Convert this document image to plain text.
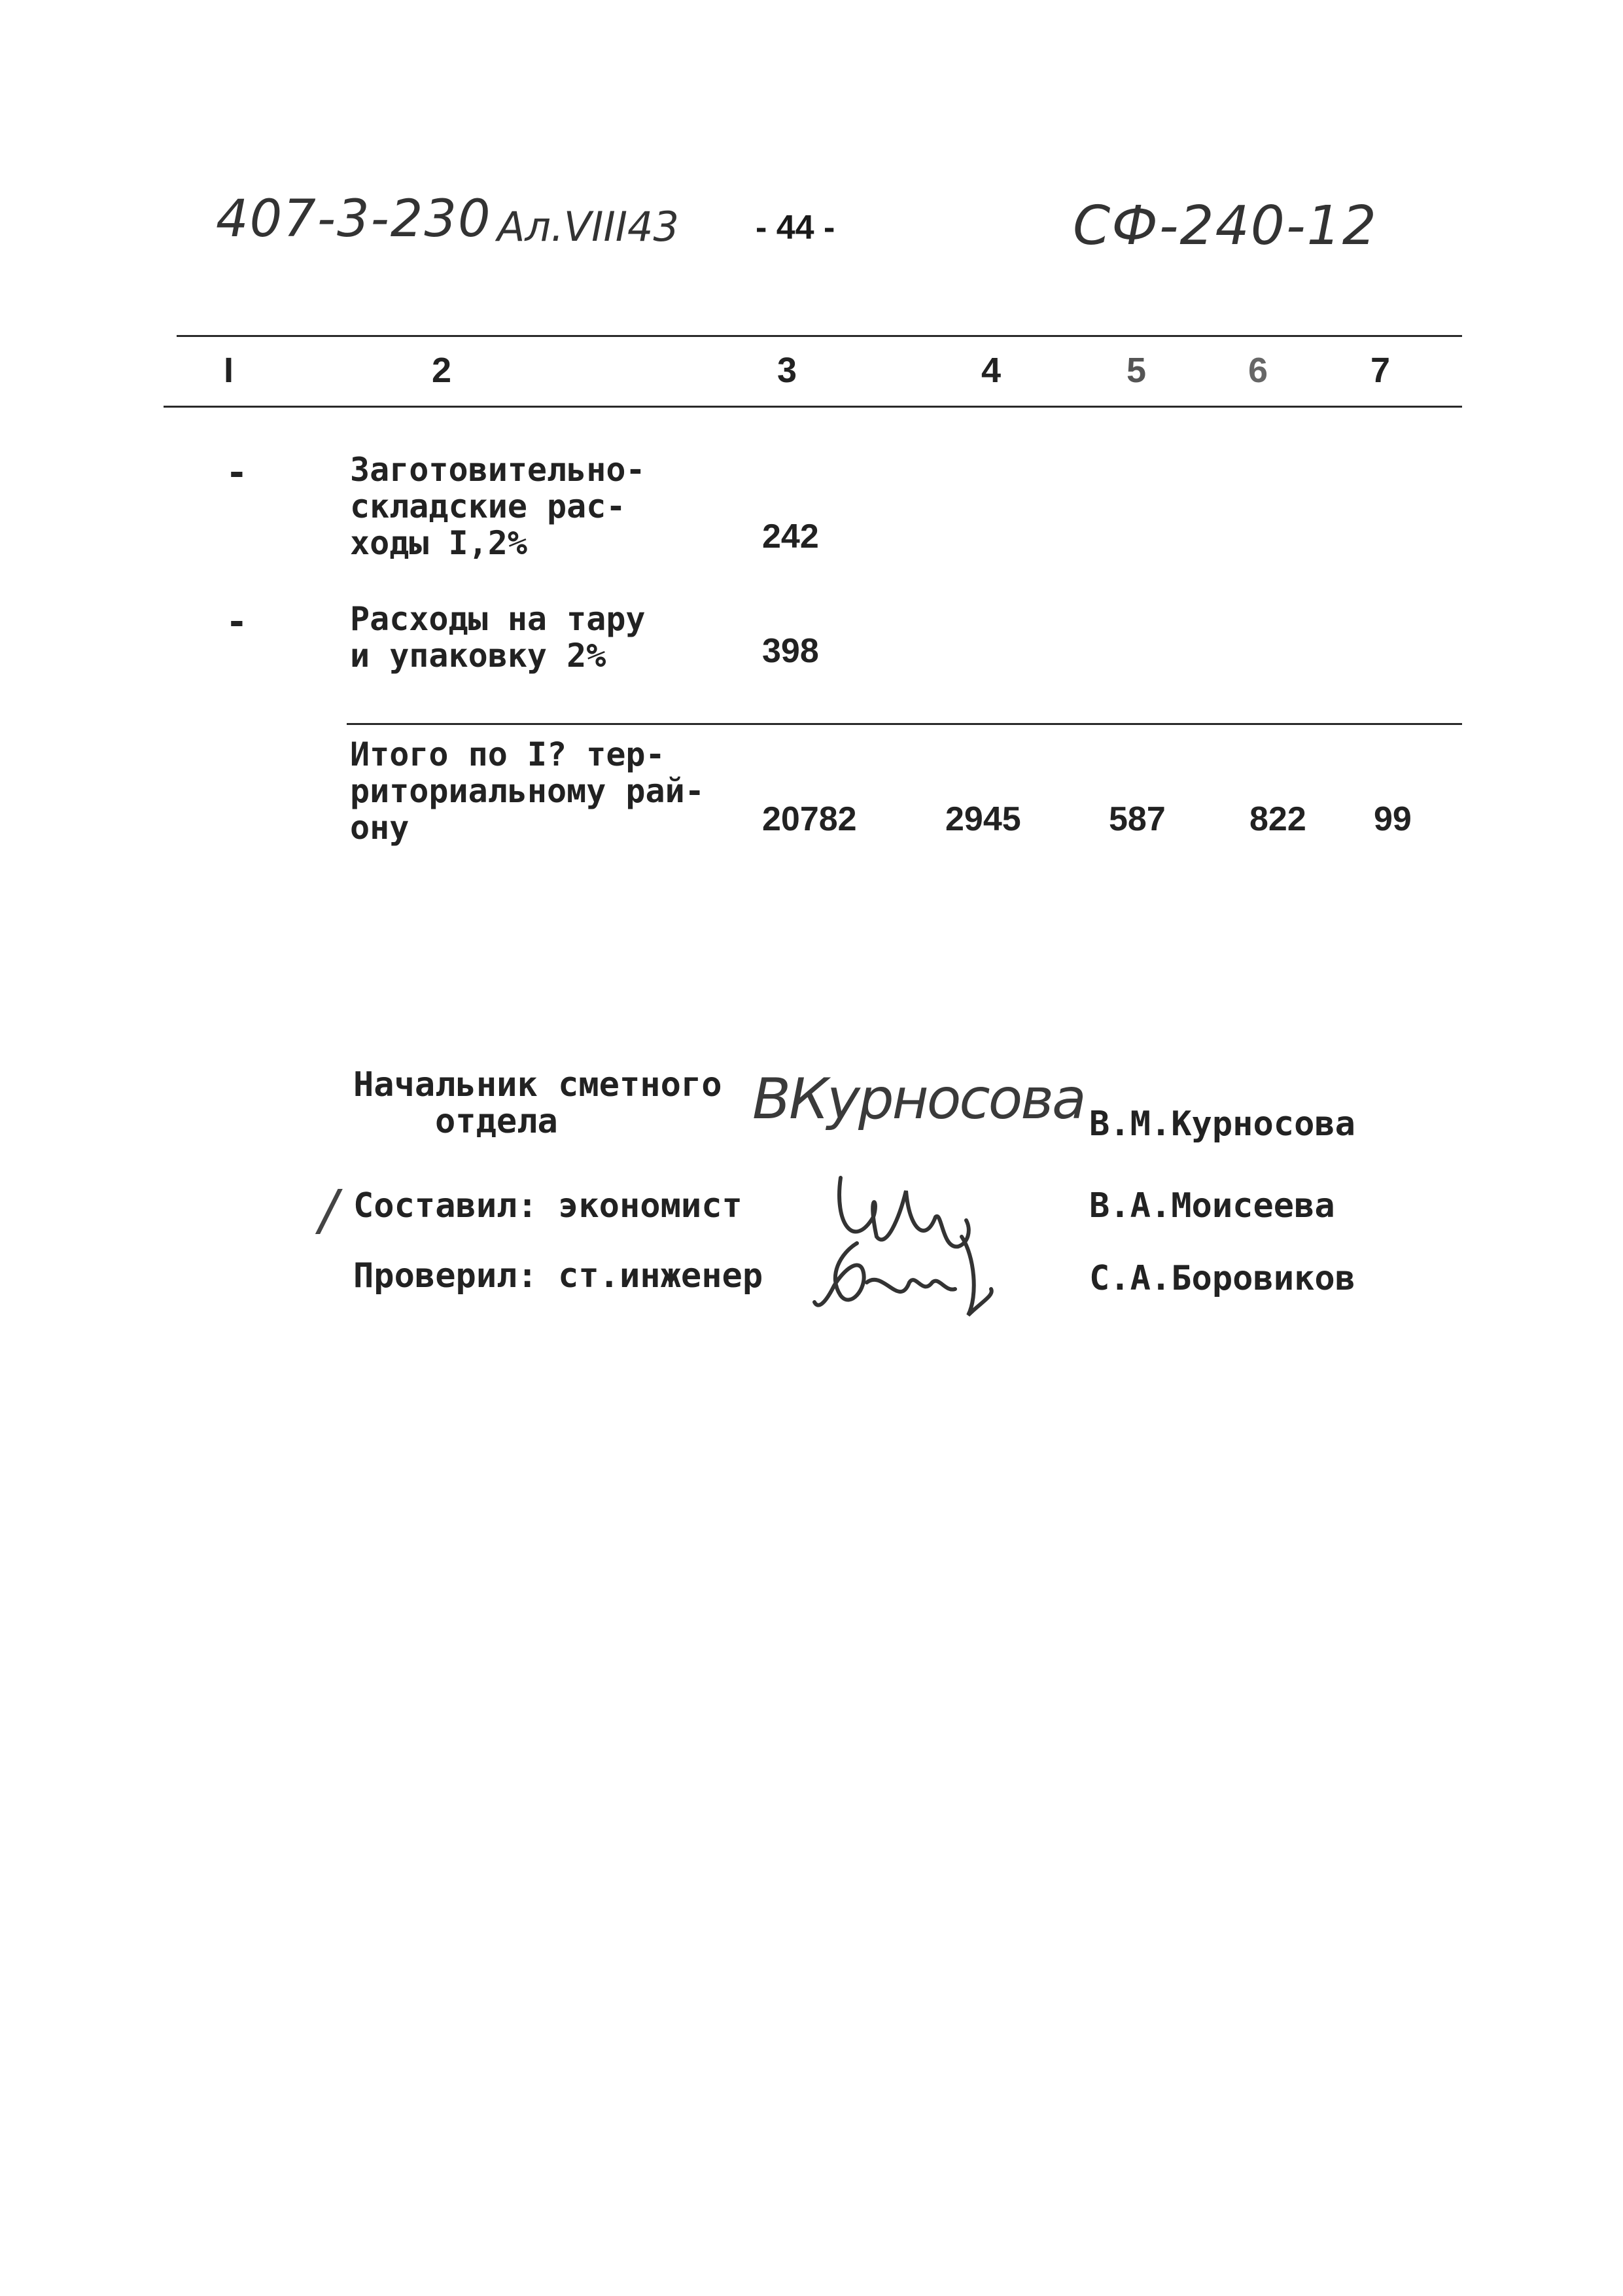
407-3-230 Ал.VIII43 - 44 -	СФ-240-12
I	2	3	4	5	6	7
-	Заготовительно-
складские рас-
ходы I,2%	242
-	Расходы на тару
и упаковку 2%	398
Итого по I? тер-
риториальному рай-
ону	20782	2945	587 822 99
Начальник сметного
отдела	ВКурносова В.М.Курносова
/ Составил: экономист	В.А.Моисеева
Проверил: ст.инженер	С.А.Боровиков
